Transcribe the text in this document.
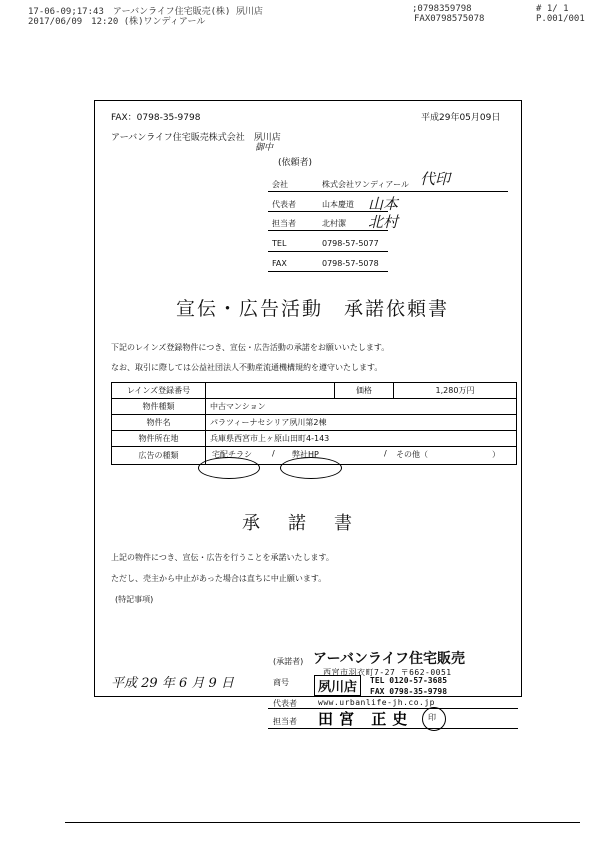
17-06-09;17:43　アーバンライフ住宅販売(株) 夙川店	;0798359798	# 1/ 1
2017/06/09　12:20 (株)ワンディアール	FAX0798575078	P.001/001
FAX：0798-35-9798	平成29年05月09日
アーバンライフ住宅販売株式会社　夙川店
御中
(依頼者)
会社	株式会社ワンディアール 代印
代表者	山本慶道 山本
担当者	北村潔 北村
TEL	0798-57-5077
FAX	0798-57-5078
宣伝・広告活動　承諾依頼書
下記のレインズ登録物件につき、宣伝・広告活動の承諾をお願いいたします。
なお、取引に際しては公益社団法人不動産流通機構規約を遵守いたします。
レインズ登録番号		価格	1,280万円
物件種類	中古マンション		
物件名	パラツィーナセシリア夙川第2棟		
物件所在地	兵庫県西宮市上ヶ原山田町4-143		
広告の種類	宅配チラシ / 弊社HP / その他（　　　　　　　　）		
承諾書
上記の物件につき、宣伝・広告を行うことを承諾いたします。
ただし、売主から中止があった場合は直ちに中止願います。
(特記事項)
平成 29 年 6 月 9 日
(承諾者) アーバンライフ住宅販売
西宮市羽衣町7-27 〒662-0051
商号	夙川店	TEL 0120-57-3685
FAX 0798-35-9798
www.urbanlife-jh.co.jp
代表者
担当者 田宮 正史 印
